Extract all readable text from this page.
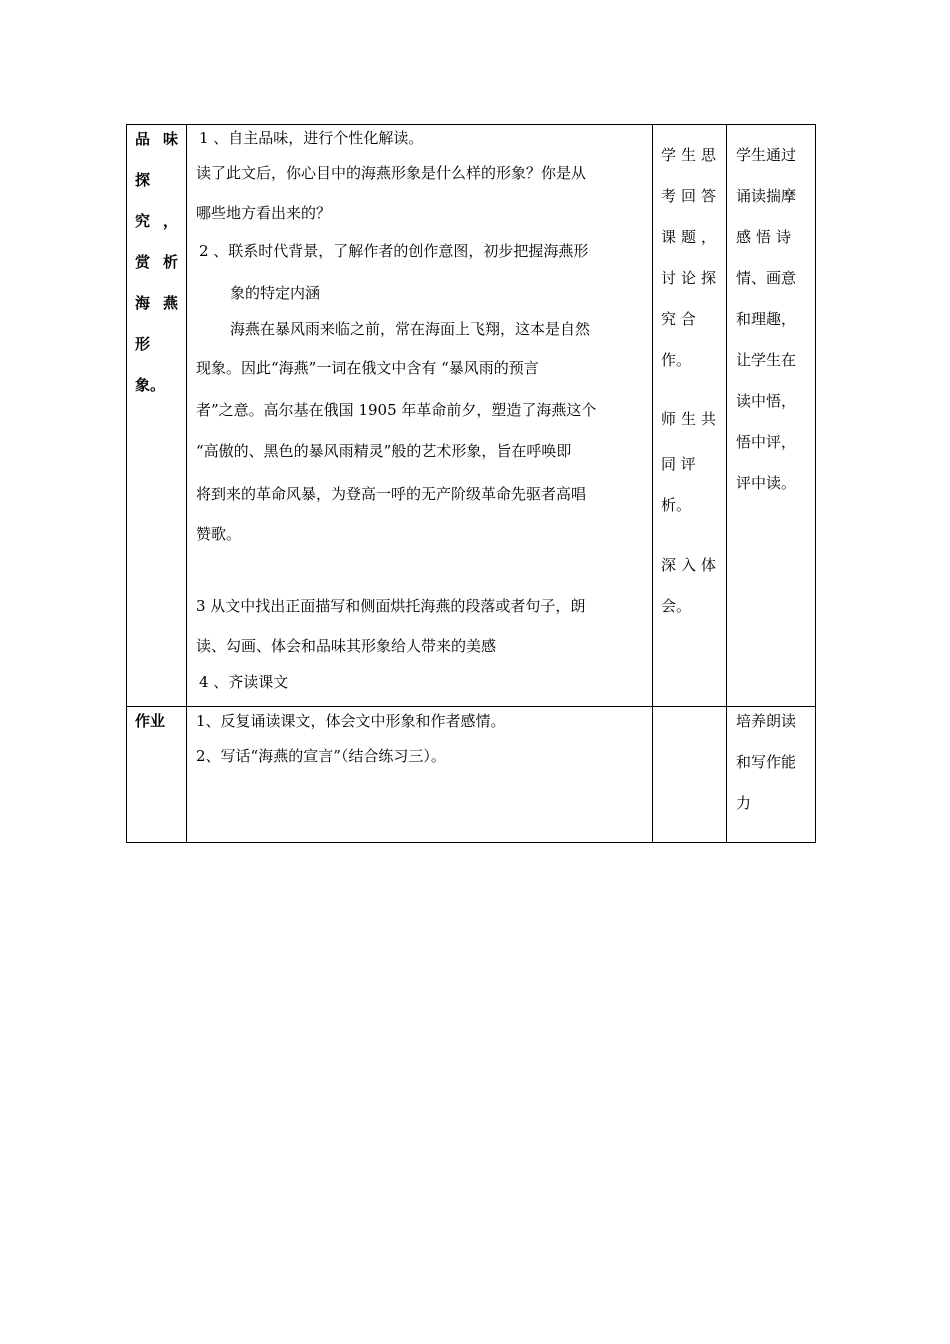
品 味
探
究 ，
赏 析
海 燕
形
象。
1 、自主品味，进行个性化解读。
读了此文后，你心目中的海燕形象是什么样的形象？你是从
哪些地方看出来的？
2 、联系时代背景，了解作者的创作意图，初步把握海燕形
象的特定内涵
海燕在暴风雨来临之前，常在海面上飞翔，这本是自然
现象。因此“海燕”一词在俄文中含有 “暴风雨的预言
者”之意。高尔基在俄国 1905 年革命前夕，塑造了海燕这个
“高傲的、黑色的暴风雨精灵”般的艺术形象，旨在呼唤即
将到来的革命风暴，为登高一呼的无产阶级革命先驱者高唱
赞歌。
3 从文中找出正面描写和侧面烘托海燕的段落或者句子，朗
读、勾画、体会和品味其形象给人带来的美感
4 、齐读课文
学生思
考回答
课题，
讨论探
究 合
作。
师生共
同 评
析。
深入体
会。
学生通过
诵读揣摩
感悟诗
情、画意
和理趣，
让学生在
读中悟，
悟中评，
评中读。
作业 1、反复诵读课文，体会文中形象和作者感情。
2、写话“海燕的宣言”（结合练习三）。
培养朗读
和写作能
力
